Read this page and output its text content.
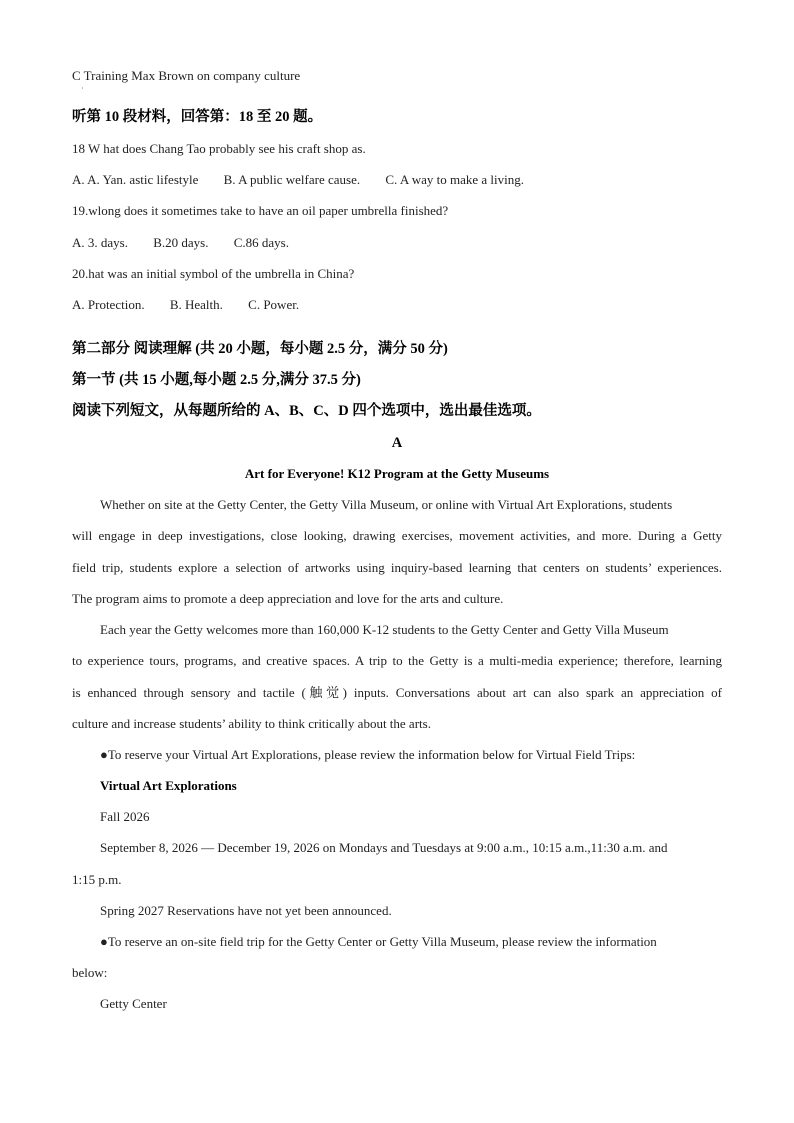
C Training Max Brown on company culture
·
听第 10 段材料，回答第：18 至 20 题。
18 W hat does Chang Tao probably see his craft shop as.
A. A. Yan. astic lifestyle B. A public welfare cause. C. A way to make a living.
19.wlong does it sometimes take to have an oil paper umbrella finished?
A. 3. days. B.20 days. C.86 days.
20.hat was an initial symbol of the umbrella in China?
A. Protection. B. Health. C. Power.
第二部分 阅读理解 (共 20 小题，每小题 2.5 分，满分 50 分)
第一节 (共 15 小题,每小题 2.5 分,满分 37.5 分)
阅读下列短文，从每题所给的 A、B、C、D 四个选项中，选出最佳选项。
A
Art for Everyone! K12 Program at the Getty Museums
Whether on site at the Getty Center, the Getty Villa Museum, or online with Virtual Art Explorations, students
will engage in deep investigations, close looking, drawing exercises, movement activities, and more. During a Getty
field trip, students explore a selection of artworks using inquiry-based learning that centers on students’ experiences.
The program aims to promote a deep appreciation and love for the arts and culture.
Each year the Getty welcomes more than 160,000 K-12 students to the Getty Center and Getty Villa Museum
to experience tours, programs, and creative spaces. A trip to the Getty is a multi-media experience; therefore, learning
is enhanced through sensory and tactile (触觉) inputs. Conversations about art can also spark an appreciation of
culture and increase students’ ability to think critically about the arts.
●To reserve your Virtual Art Explorations, please review the information below for Virtual Field Trips:
Virtual Art Explorations
Fall 2026
September 8, 2026 — December 19, 2026 on Mondays and Tuesdays at 9:00 a.m., 10:15 a.m.,11:30 a.m. and
1:15 p.m.
Spring 2027 Reservations have not yet been announced.
●To reserve an on-site field trip for the Getty Center or Getty Villa Museum, please review the information
below:
Getty Center
